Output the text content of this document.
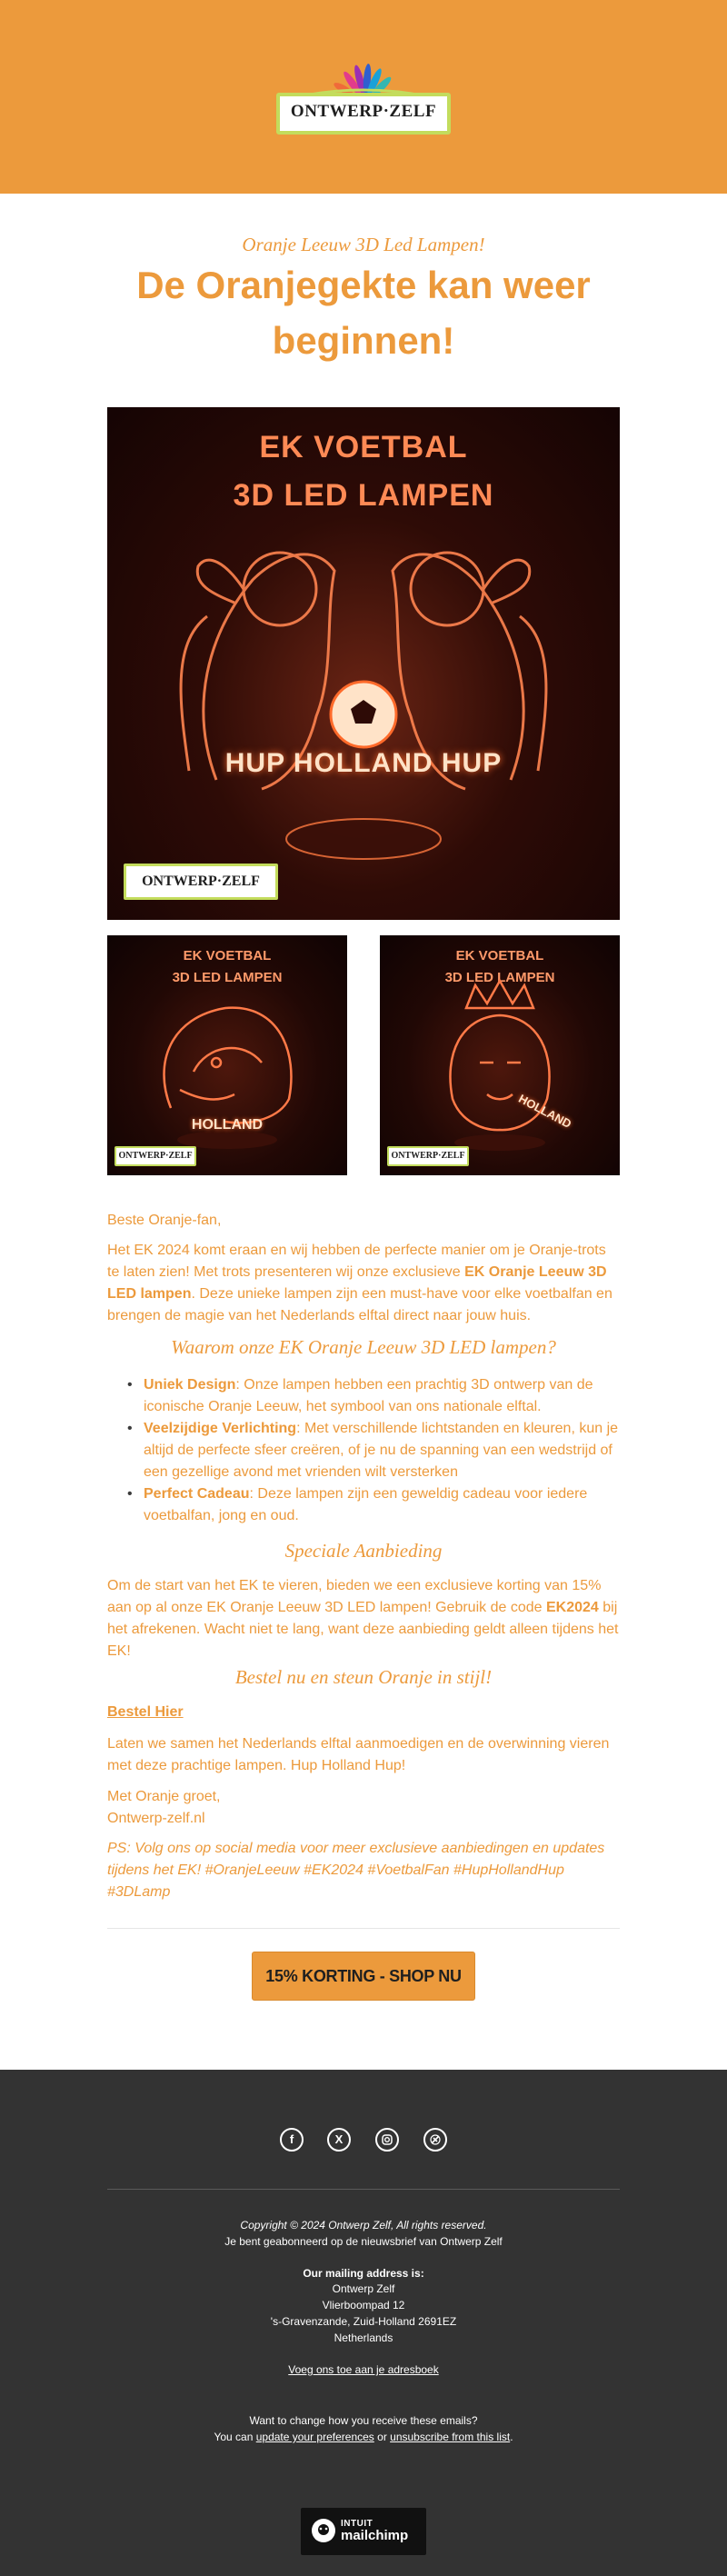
ONTWERP·ZELF
Oranje Leeuw 3D Led Lampen!
De Oranjegekte kan weer beginnen!
EK VOETBAL
3D LED LAMPEN
HUP HOLLAND HUP
ONTWERP·ZELF
EK VOETBAL
3D LED LAMPEN
HOLLAND
ONTWERP·ZELF
EK VOETBAL
3D LED LAMPEN
HOLLAND
ONTWERP·ZELF
Beste Oranje-fan,
Het EK 2024 komt eraan en wij hebben de perfecte manier om je Oranje-trots te laten zien! Met trots presenteren wij onze exclusieve EK Oranje Leeuw 3D LED lampen. Deze unieke lampen zijn een must-have voor elke voetbalfan en brengen de magie van het Nederlands elftal direct naar jouw huis.
Waarom onze EK Oranje Leeuw 3D LED lampen?
• Uniek Design: Onze lampen hebben een prachtig 3D ontwerp van de iconische Oranje Leeuw, het symbool van ons nationale elftal.
• Veelzijdige Verlichting: Met verschillende lichtstanden en kleuren, kun je altijd de perfecte sfeer creëren, of je nu de spanning van een wedstrijd of een gezellige avond met vrienden wilt versterken
• Perfect Cadeau: Deze lampen zijn een geweldig cadeau voor iedere voetbalfan, jong en oud.
Speciale Aanbieding
Om de start van het EK te vieren, bieden we een exclusieve korting van 15% aan op al onze EK Oranje Leeuw 3D LED lampen! Gebruik de code EK2024 bij het afrekenen. Wacht niet te lang, want deze aanbieding geldt alleen tijdens het EK!
Bestel nu en steun Oranje in stijl!
Bestel Hier
Laten we samen het Nederlands elftal aanmoedigen en de overwinning vieren met deze prachtige lampen. Hup Holland Hup!
Met Oranje groet,
Ontwerp-zelf.nl
PS: Volg ons op social media voor meer exclusieve aanbiedingen en updates tijdens het EK! #OranjeLeeuw #EK2024 #VoetbalFan #HupHollandHup #3DLamp
15% KORTING - SHOP NU
f	X
Copyright © 2024 Ontwerp Zelf, All rights reserved.
Je bent geabonneerd op de nieuwsbrief van Ontwerp Zelf
Our mailing address is:
Ontwerp Zelf
Vlierboompad 12
's-Gravenzande, Zuid-Holland 2691EZ
Netherlands
Voeg ons toe aan je adresboek
Want to change how you receive these emails?
You can update your preferences or unsubscribe from this list.
INTUIT
mailchimp
